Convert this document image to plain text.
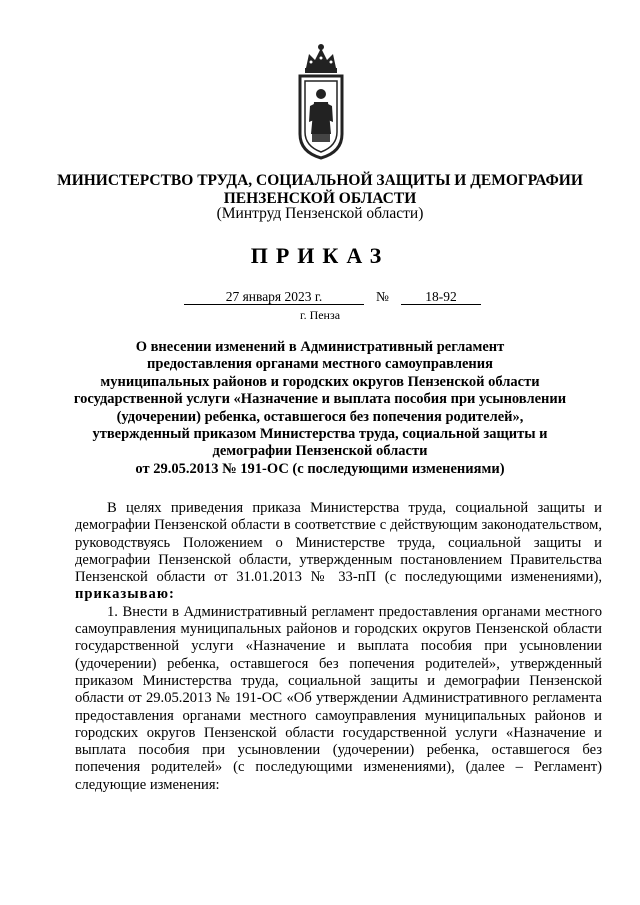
МИНИСТЕРСТВО ТРУДА, СОЦИАЛЬНОЙ ЗАЩИТЫ И ДЕМОГРАФИИ
ПЕНЗЕНСКОЙ ОБЛАСТИ
(Минтруд Пензенской области)
ПРИКАЗ
27 января 2023 г.	№	18-92
г. Пенза
О внесении изменений в Административный регламент
предоставления органами местного самоуправления
муниципальных районов и городских округов Пензенской области
государственной услуги «Назначение и выплата пособия при усыновлении
(удочерении) ребенка, оставшегося без попечения родителей»,
утвержденный приказом Министерства труда, социальной защиты и
демографии Пензенской области
от 29.05.2013 № 191-ОС (с последующими изменениями)

В целях приведения приказа Министерства труда, социальной защиты и демографии Пензенской области в соответствие с действующим законодательством, руководствуясь Положением о Министерстве труда, социальной защиты и демографии Пензенской области, утвержденным постановлением Правительства Пензенской области от 31.01.2013 № 33-пП (с последующими изменениями), приказываю:

1. Внести в Административный регламент предоставления органами местного самоуправления муниципальных районов и городских округов Пензенской области государственной услуги «Назначение и выплата пособия при усыновлении (удочерении) ребенка, оставшегося без попечения родителей», утвержденный приказом Министерства труда, социальной защиты и демографии Пензенской области от 29.05.2013 № 191-ОС «Об утверждении Административного регламента предоставления органами местного самоуправления муниципальных районов и городских округов Пензенской области государственной услуги «Назначение и выплата пособия при усыновлении (удочерении) ребенка, оставшегося без попечения родителей» (с последующими изменениями), (далее – Регламент) следующие изменения:
